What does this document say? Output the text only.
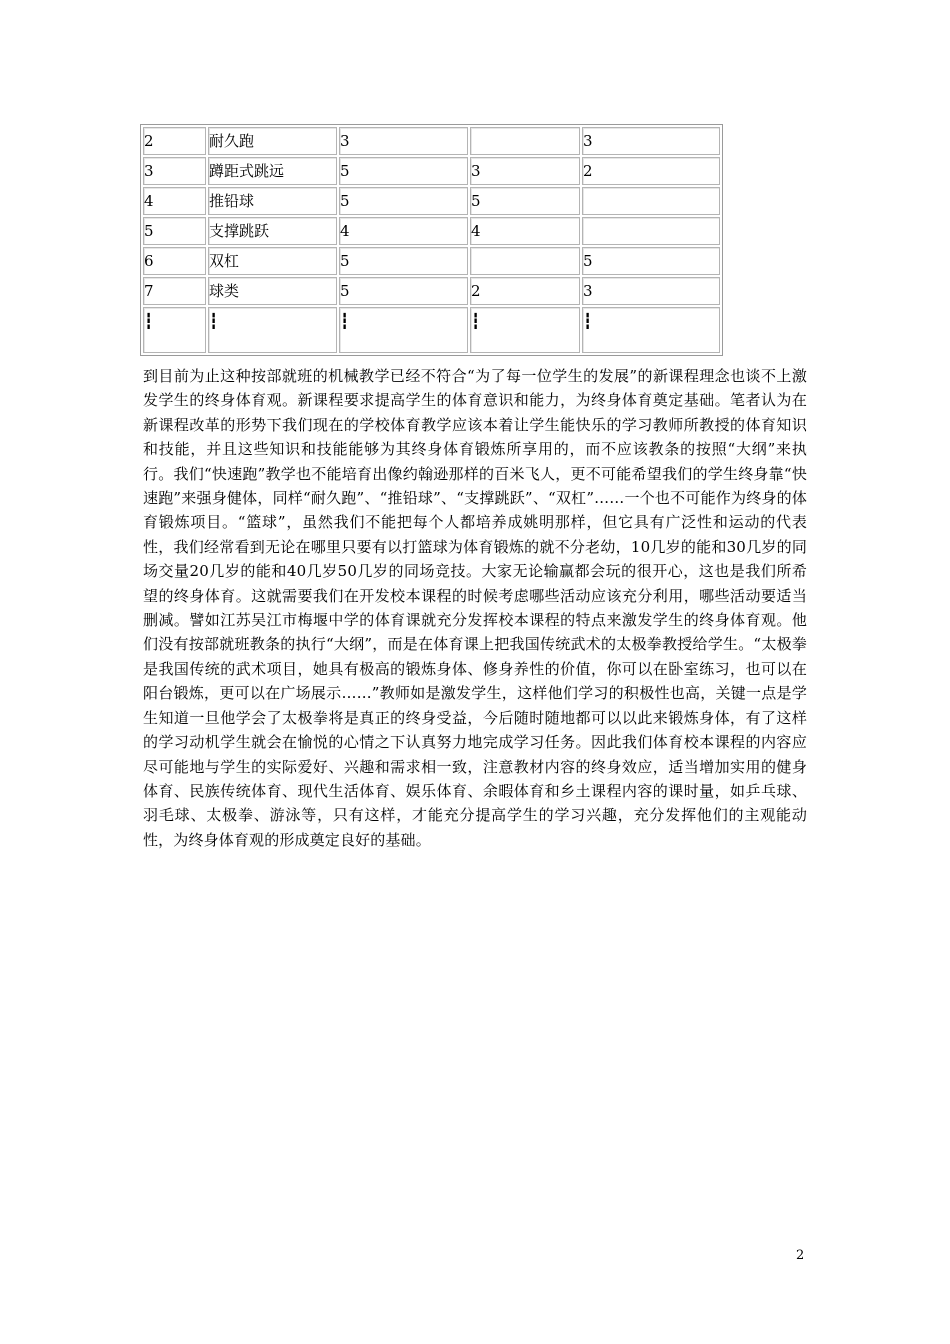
2	耐久跑	3		3
3	蹲距式跳远	5	3	2
4	推铅球	5	5	
5	支撑跳跃	4	4	
6	双杠	5		5
7	球类	5	2	3
┇	┇	┇	┇	┇

到目前为止这种按部就班的机械教学已经不符合“为了每一位学生的发展”的新课程理念也谈不上激发学生的终身体育观。新课程要求提高学生的体育意识和能力，为终身体育奠定基础。笔者认为在新课程改革的形势下我们现在的学校体育教学应该本着让学生能快乐的学习教师所教授的体育知识和技能，并且这些知识和技能能够为其终身体育锻炼所享用的，而不应该教条的按照“大纲”来执行。我们“快速跑”教学也不能培育出像约翰逊那样的百米飞人，更不可能希望我们的学生终身靠“快速跑”来强身健体，同样“耐久跑”、“推铅球”、“支撑跳跃”、“双杠”……一个也不可能作为终身的体育锻炼项目。“篮球”，虽然我们不能把每个人都培养成姚明那样，但它具有广泛性和运动的代表性，我们经常看到无论在哪里只要有以打篮球为体育锻炼的就不分老幼，10几岁的能和30几岁的同场交量20几岁的能和40几岁50几岁的同场竞技。大家无论输赢都会玩的很开心，这也是我们所希望的终身体育。这就需要我们在开发校本课程的时候考虑哪些活动应该充分利用，哪些活动要适当删减。譬如江苏吴江市梅堰中学的体育课就充分发挥校本课程的特点来激发学生的终身体育观。他们没有按部就班教条的执行“大纲”，而是在体育课上把我国传统武术的太极拳教授给学生。“太极拳是我国传统的武术项目，她具有极高的锻炼身体、修身养性的价值，你可以在卧室练习，也可以在阳台锻炼，更可以在广场展示……”教师如是激发学生，这样他们学习的积极性也高，关键一点是学生知道一旦他学会了太极拳将是真正的终身受益，今后随时随地都可以以此来锻炼身体，有了这样的学习动机学生就会在愉悦的心情之下认真努力地完成学习任务。因此我们体育校本课程的内容应尽可能地与学生的实际爱好、兴趣和需求相一致，注意教材内容的终身效应，适当增加实用的健身体育、民族传统体育、现代生活体育、娱乐体育、余暇体育和乡土课程内容的课时量，如乒乓球、羽毛球、太极拳、游泳等，只有这样，才能充分提高学生的学习兴趣，充分发挥他们的主观能动性，为终身体育观的形成奠定良好的基础。

2
